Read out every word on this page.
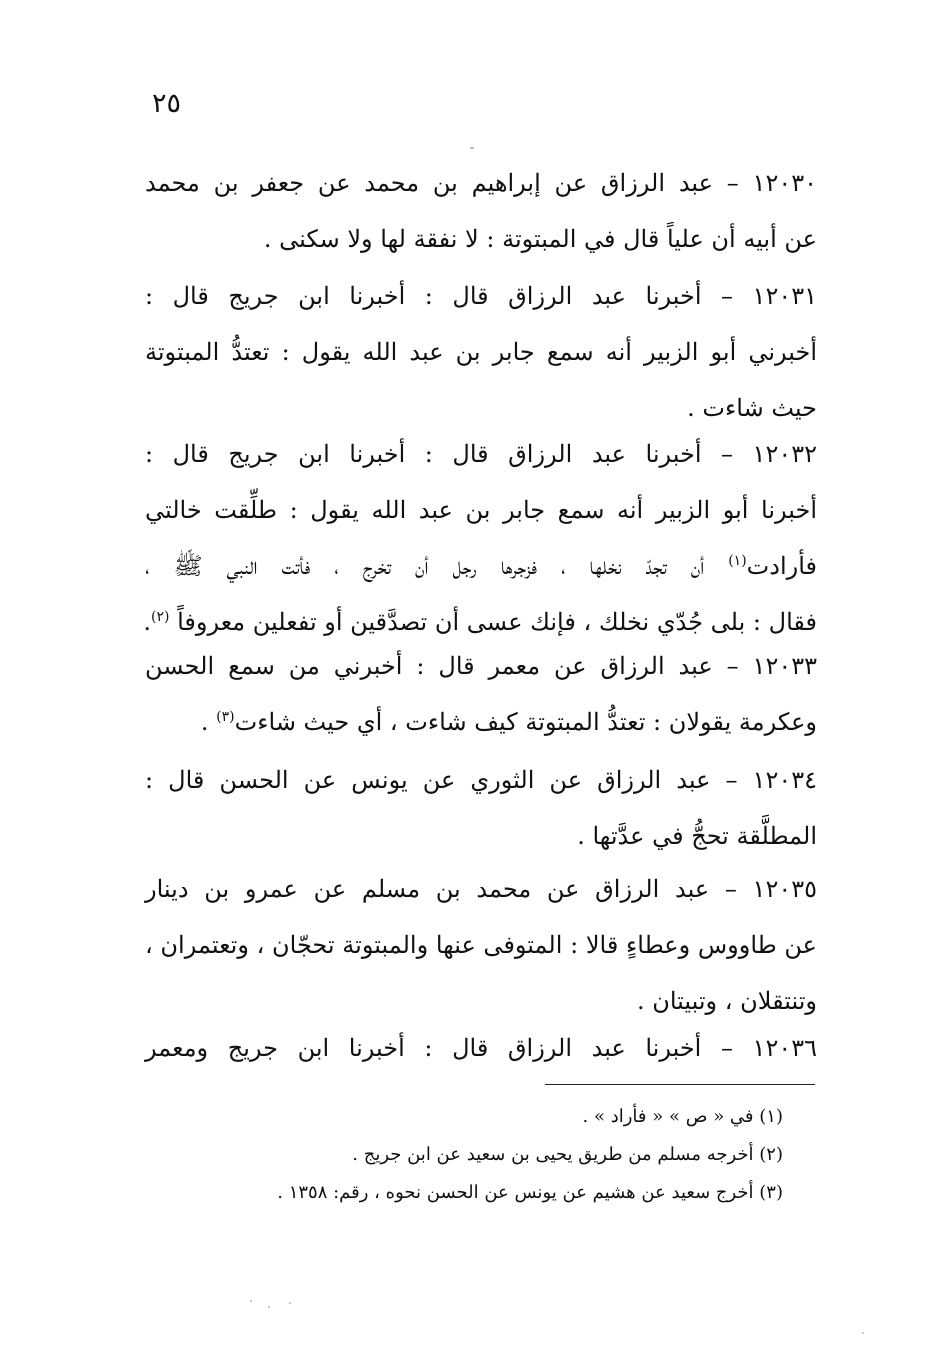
٢٥
١٢٠٣٠ – عبد الرزاق عن إبراهيم بن محمد عن جعفر بن محمد
عن أبيه أن علياً قال في المبتوتة : لا نفقة لها ولا سكنى .
١٢٠٣١ – أخبرنا عبد الرزاق قال : أخبرنا ابن جريج قال :
أخبرني أبو الزبير أنه سمع جابر بن عبد الله يقول : تعتدُّ المبتوتة
حيث شاءت .
١٢٠٣٢ – أخبرنا عبد الرزاق قال : أخبرنا ابن جريج قال :
أخبرنا أبو الزبير أنه سمع جابر بن عبد الله يقول : طلِّقت خالتي
فأرادت$^{(١)}$ أن تجدّ نخلها ، فزجرها رجل أن تخرج ، فأتت النبي ﷺ ،
فقال : بلى جُدّي نخلك ، فإنك عسى أن تصدَّقين أو تفعلين معروفاً $^{(٢)}$.
١٢٠٣٣ – عبد الرزاق عن معمر قال : أخبرني من سمع الحسن
وعكرمة يقولان : تعتدُّ المبتوتة كيف شاءت ، أي حيث شاءت$^{(٣)}$ .
١٢٠٣٤ – عبد الرزاق عن الثوري عن يونس عن الحسن قال :
المطلَّقة تحجُّ في عدَّتها .
١٢٠٣٥ – عبد الرزاق عن محمد بن مسلم عن عمرو بن دينار
عن طاووس وعطاءٍ قالا : المتوفى عنها والمبتوتة تحجّان ، وتعتمران ،
وتنتقلان ، وتبيتان .
١٢٠٣٦ – أخبرنا عبد الرزاق قال : أخبرنا ابن جريج ومعمر
(١) في « ص » « فأراد » .
(٢) أخرجه مسلم من طريق يحيى بن سعيد عن ابن جريج .
(٣) أخرج سعيد عن هشيم عن يونس عن الحسن نحوه ، رقم: ١٣٥٨ .
